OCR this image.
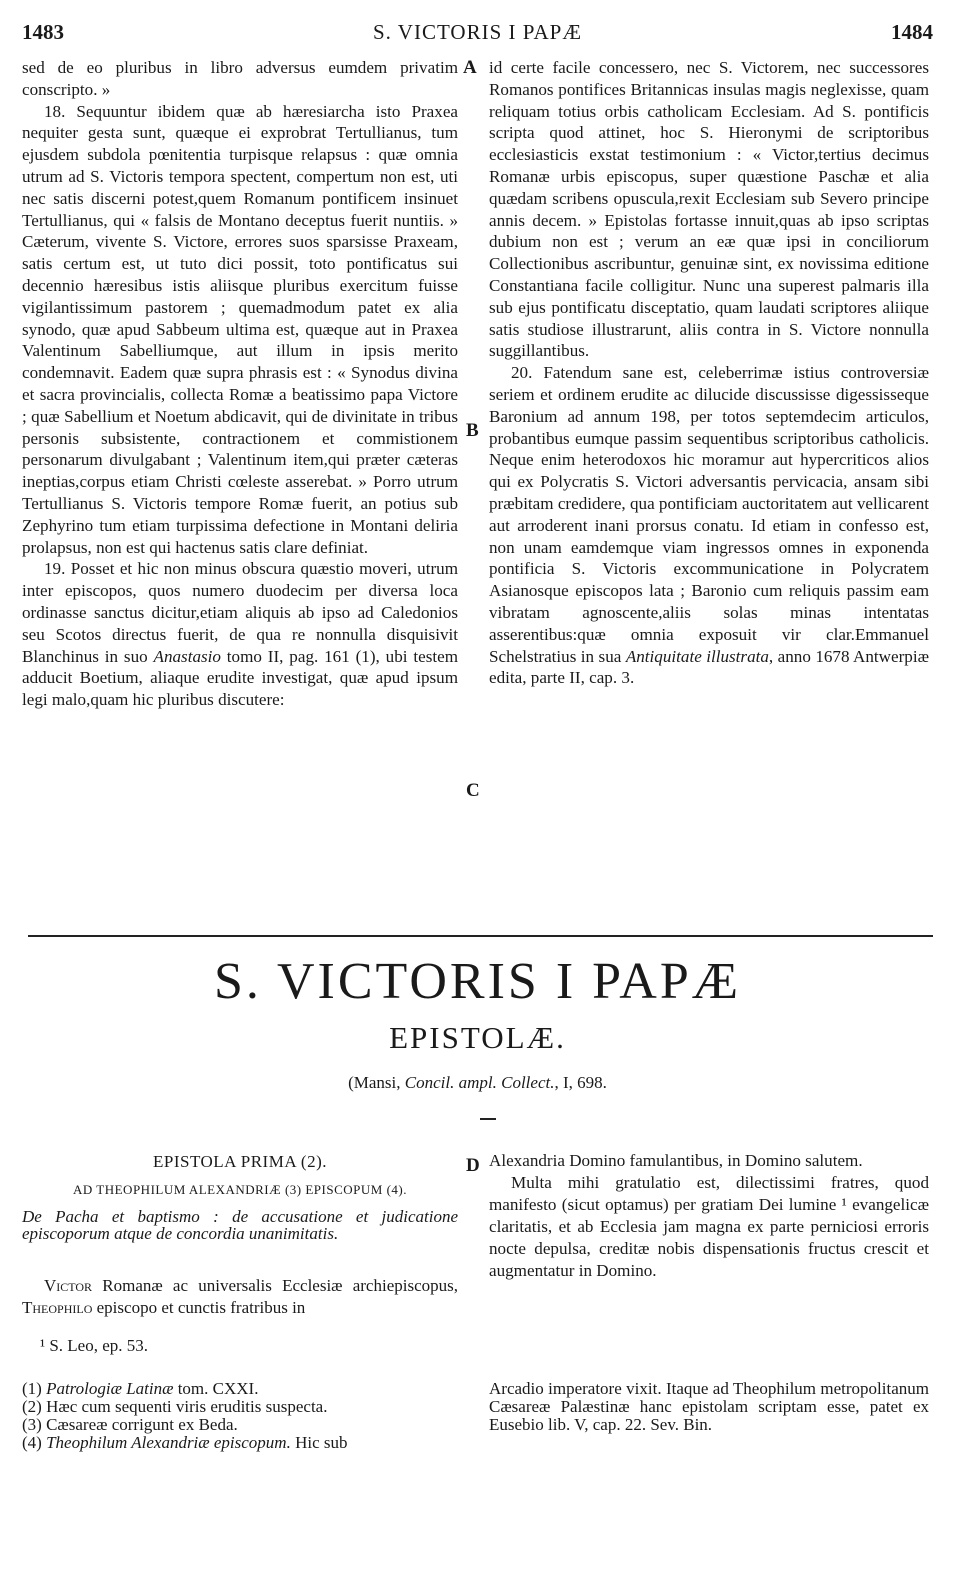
1483	S. VICTORIS I PAPÆ	1484

sed de eo pluribus in libro adversus eumdem privatim conscripto. »

18. Sequuntur ibidem quæ ab hæresiarcha isto Praxea nequiter gesta sunt, quæque ei exprobrat Tertullianus, tum ejusdem subdola pœnitentia turpisque relapsus : quæ omnia utrum ad S. Victoris tempora spectent, compertum non est, uti nec satis discerni potest,quem Romanum pontificem insinuet Tertullianus, qui « falsis de Montano deceptus fuerit nuntiis. » Cæterum, vivente S. Victore, errores suos sparsisse Praxeam, satis certum est, ut tuto dici possit, toto pontificatus sui decennio hæresibus istis aliisque pluribus exercitum fuisse vigilantissimum pastorem ; quemadmodum patet ex alia synodo, quæ apud Sabbeum ultima est, quæque aut in Praxea Valentinum Sabelliumque, aut illum in ipsis merito condemnavit. Eadem quæ supra phrasis est : « Synodus divina et sacra provincialis, collecta Romæ a beatissimo papa Victore ; quæ Sabellium et Noetum abdicavit, qui de divinitate in tribus personis subsistente, contractionem et commistionem personarum divulgabant ; Valentinum item,qui præter cæteras ineptias,corpus etiam Christi cœleste asserebat. » Porro utrum Tertullianus S. Victoris tempore Romæ fuerit, an potius sub Zephyrino tum etiam turpissima defectione in Montani deliria prolapsus, non est qui hactenus satis clare definiat.

19. Posset et hic non minus obscura quæstio moveri, utrum inter episcopos, quos numero duodecim per diversa loca ordinasse sanctus dicitur,etiam aliquis ab ipso ad Caledonios seu Scotos directus fuerit, de qua re nonnulla disquisivit Blanchinus in suo Anastasio tomo II, pag. 161 (1), ubi testem adducit Boetium, aliaque erudite investigat, quæ apud ipsum legi malo,quam hic pluribus discutere:

id certe facile concessero, nec S. Victorem, nec successores Romanos pontifices Britannicas insulas magis neglexisse, quam reliquam totius orbis catholicam Ecclesiam. Ad S. pontificis scripta quod attinet, hoc S. Hieronymi de scriptoribus ecclesiasticis exstat testimonium : « Victor,tertius decimus Romanæ urbis episcopus, super quæstione Paschæ et alia quædam scribens opuscula,rexit Ecclesiam sub Severo principe annis decem. » Epistolas fortasse innuit,quas ab ipso scriptas dubium non est ; verum an eæ quæ ipsi in conciliorum Collectionibus ascribuntur, genuinæ sint, ex novissima editione Constantiana facile colligitur. Nunc una superest palmaris illa sub ejus pontificatu disceptatio, quam laudati scriptores aliique satis studiose illustrarunt, aliis contra in S. Victore nonnulla suggillantibus.

20. Fatendum sane est, celeberrimæ istius controversiæ seriem et ordinem erudite ac dilucide discussisse digessisseque Baronium ad annum 198, per totos septemdecim articulos, probantibus eumque passim sequentibus scriptoribus catholicis. Neque enim heterodoxos hic moramur aut hypercriticos alios qui ex Polycratis S. Victori adversantis pervicacia, ansam sibi præbitam credidere, qua pontificiam auctoritatem aut vellicarent aut arroderent inani prorsus conatu. Id etiam in confesso est, non unam eamdemque viam ingressos omnes in exponenda pontificia S. Victoris excommunicatione in Polycratem Asianosque episcopos lata ; Baronio cum reliquis passim eam vibratam agnoscente,aliis solas minas intentatas asserentibus:quæ omnia exposuit vir clar.Emmanuel Schelstratius in sua Antiquitate illustrata, anno 1678 Antwerpiæ edita, parte II, cap. 3.

A
B
C
D
S. VICTORIS I PAPÆ
EPISTOLÆ.
(Mansi, Concil. ampl. Collect., I, 698.
EPISTOLA PRIMA (2).
AD THEOPHILUM ALEXANDRIÆ (3) EPISCOPUM (4).
De Pacha et baptismo : de accusatione et judicatione episcoporum atque de concordia unanimitatis.
Victor Romanæ ac universalis Ecclesiæ archiepiscopus, Theophilo episcopo et cunctis fratribus in
¹ S. Leo, ep. 53.
Alexandria Domino famulantibus, in Domino salutem.
Multa mihi gratulatio est, dilectissimi fratres, quod manifesto (sicut optamus) per gratiam Dei lumine ¹ evangelicæ claritatis, et ab Ecclesia jam magna ex parte perniciosi erroris nocte depulsa, creditæ nobis dispensationis fructus crescit et augmentatur in Domino.
(1) Patrologiæ Latinæ tom. CXXI.
(2) Hæc cum sequenti viris eruditis suspecta.
(3) Cæsareæ corrigunt ex Beda.
(4) Theophilum Alexandriæ episcopum. Hic sub
Arcadio imperatore vixit. Itaque ad Theophilum metropolitanum Cæsareæ Palæstinæ hanc epistolam scriptam esse, patet ex Eusebio lib. V, cap. 22. Sev. Bin.
